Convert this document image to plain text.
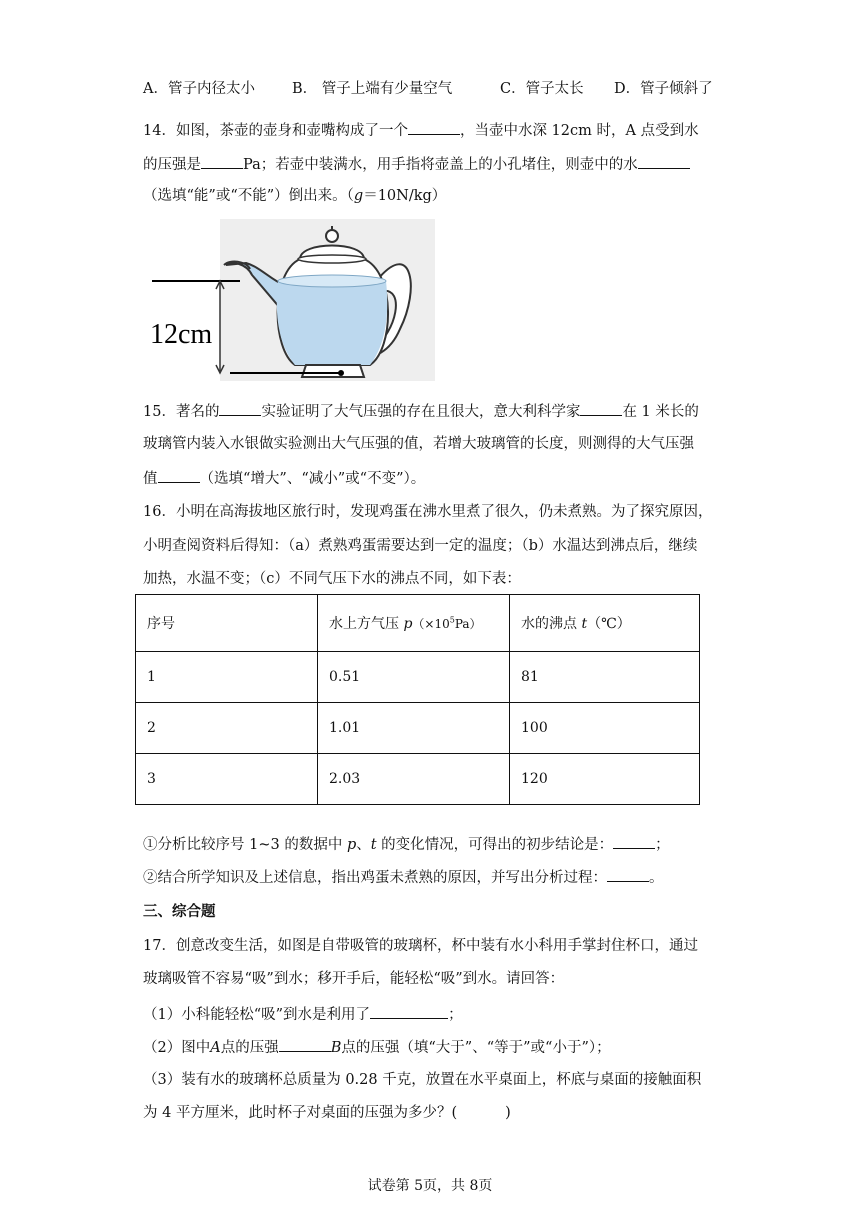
A．管子内径太小	B． 管子上端有少量空气	C．管子太长 D．管子倾斜了
14．如图，茶壶的壶身和壶嘴构成了一个	，当壶中水深 12cm 时，A 点受到水
的压强是	Pa；若壶中装满水，用手指将壶盖上的小孔堵住，则壶中的水
（选填“能”或“不能”）倒出来。（g＝10N/kg）
12cm
15．著名的	实验证明了大气压强的存在且很大，意大利科学家	在 1 米长的
玻璃管内装入水银做实验测出大气压强的值，若增大玻璃管的长度，则测得的大气压强
值	（选填“增大”、“减小”或“不变”）。
16．小明在高海拔地区旅行时，发现鸡蛋在沸水里煮了很久，仍未煮熟。为了探究原因，
小明查阅资料后得知：（a）煮熟鸡蛋需要达到一定的温度；（b）水温达到沸点后，继续
加热，水温不变；（c）不同气压下水的沸点不同，如下表：
序号	水上方气压 $p(\times 10^5Pa)$	水的沸点 t（℃）
1	0.51	81
2	1.01	100
3	2.03	120
①分析比较序号 1~3 的数据中 p、t 的变化情况，可得出的初步结论是：	；
②结合所学知识及上述信息，指出鸡蛋未煮熟的原因，并写出分析过程：	。
三、综合题
17．创意改变生活，如图是自带吸管的玻璃杯，杯中装有水小科用手掌封住杯口，通过
玻璃吸管不容易“吸”到水；移开手后，能轻松“吸”到水。请回答：
（1）小科能轻松“吸”到水是利用了	；
（2）图中A点的压强	B点的压强（填“大于”、“等于”或“小于”）；
（3）装有水的玻璃杯总质量为 0.28 千克，放置在水平桌面上，杯底与桌面的接触面积
为 4 平方厘米，此时杯子对桌面的压强为多少？(	)
试卷第 5页，共 8页
